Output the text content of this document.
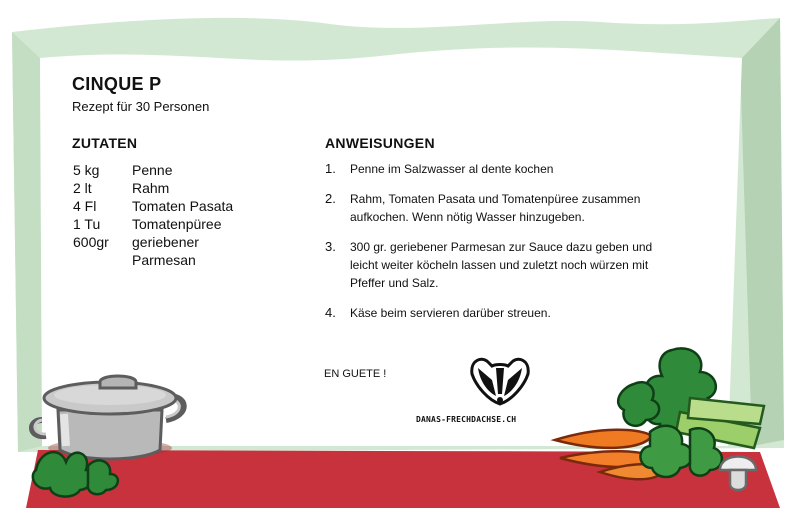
CINQUE P

Rezept für 30 Personen

ZUTATEN
5 kg	Penne
2 lt	Rahm
4 Fl	Tomaten Pasata
1 Tu	Tomatenpüree
600gr	geriebener Parmesan
ANWEISUNGEN
1.	Penne im Salzwasser al dente kochen
2.	Rahm, Tomaten Pasata und Tomatenpüree zusammen aufkochen. Wenn nötig Wasser hinzugeben.
3.	300 gr. geriebener Parmesan zur Sauce dazu geben und leicht weiter köcheln lassen und zuletzt noch würzen mit Pfeffer und Salz.
4.	Käse beim servieren darüber streuen.

EN GUETE !

DANAS-FRECHDACHSE.CH
